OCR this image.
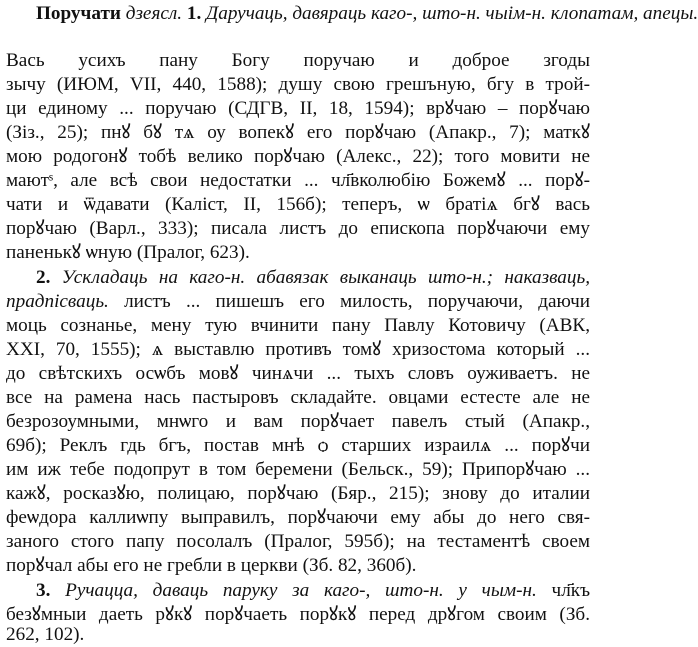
Поручати дзеясл. 1. Даручаць, давяраць каго-, што-н. чыім-н. клопатам, апецы.
Вась усихъ пану Богу поручаю и доброе згоды
зычу (ИЮМ, VII, 440, 1588); душу свою грешъную, бгу в трой-
ци единому ... поручаю (СДГВ, II, 18, 1594); врꙋчаю – порꙋчаю
(Зіз., 25); пнꙋ бꙋ тѧ оу вопекꙋ его порꙋчаю (Апакр., 7); маткꙋ
мою родогонꙋ тобѣ велико порꙋчаю (Алекс., 22); того мовити не
маютˢ, але всѣ свои недостатки ... чл҃вколюбію Божемꙋ ... порꙋ-
чати и ѿдавати (Каліст, II, 156б); теперъ, ѡ братіѧ бгꙋ вась
порꙋчаю (Варл., 333); писала листъ до епископа порꙋчаючи ему
паненькꙋ ѡную (Пралог, 623).
2. Ускладаць на каго-н. абавязак выканаць што-н.; наказваць,
прадпісваць. листъ ... пишешъ его милость, поручаючи, даючи
моць сознанье, мену тую вчинити пану Павлу Котовичу (АВК,
XXI, 70, 1555); ѧ выставлю противъ томꙋ хризостома который ...
до свѣтскихъ осѡбъ мовꙋ чинѧчи ... тыхъ словъ оуживаетъ. не
все на рамена нась пастыровъ складайте. овцами естесте але не
безрозоумными, мнѡго и вам порꙋчает павелъ стый (Апакр.,
69б); Реклъ гдь бгъ, постав мнѣ ѻ старших израилѧ ... порꙋчи
им иж тебе подопрут в том беремени (Бельск., 59); Припорꙋчаю ...
кажꙋ, росказꙋю, полицаю, порꙋчаю (Бяр., 215); знову до италии
феѡдора каллиѡпу выправилъ, порꙋчаючи ему абы до него свя-
заного стого папу посолалъ (Пралог, 595б); на тестаментѣ своем
порꙋчал абы его не гребли в церкви (Зб. 82, 360б).
3. Ручацца, даваць паруку за каго-, што-н. у чым-н. чл҃къ
безꙋмныи даеть рꙋкꙋ порꙋчаеть порꙋкꙋ перед дрꙋгом своим (Зб.
262, 102).
